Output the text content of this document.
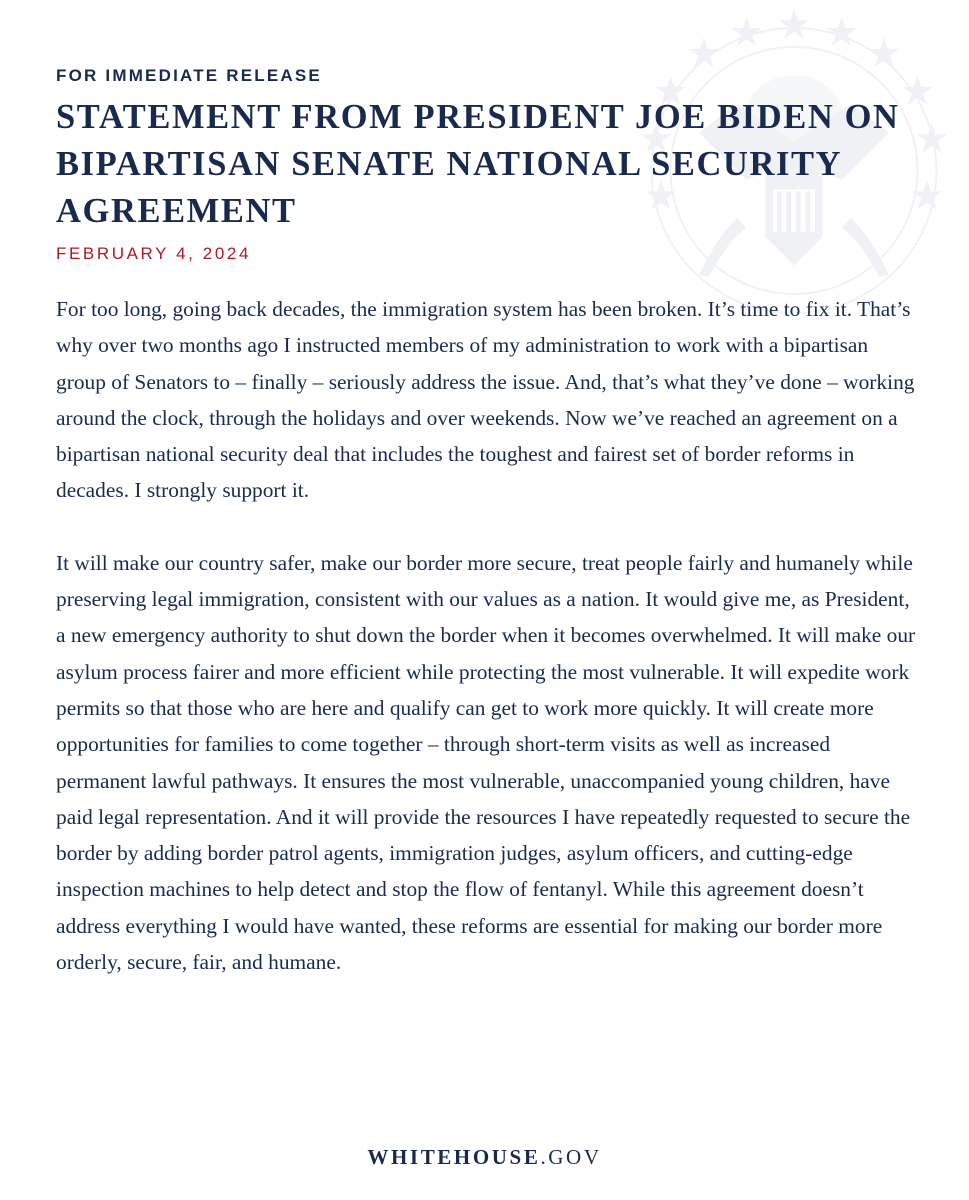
FOR IMMEDIATE RELEASE

STATEMENT FROM PRESIDENT JOE BIDEN ON BIPARTISAN SENATE NATIONAL SECURITY AGREEMENT

FEBRUARY 4, 2024

For too long, going back decades, the immigration system has been broken. It’s time to fix it. That’s why over two months ago I instructed members of my administration to work with a bipartisan group of Senators to – finally – seriously address the issue. And, that’s what they’ve done – working around the clock, through the holidays and over weekends. Now we’ve reached an agreement on a bipartisan national security deal that includes the toughest and fairest set of border reforms in decades. I strongly support it.

It will make our country safer, make our border more secure, treat people fairly and humanely while preserving legal immigration, consistent with our values as a nation. It would give me, as President, a new emergency authority to shut down the border when it becomes overwhelmed. It will make our asylum process fairer and more efficient while protecting the most vulnerable. It will expedite work permits so that those who are here and qualify can get to work more quickly. It will create more opportunities for families to come together – through short-term visits as well as increased permanent lawful pathways. It ensures the most vulnerable, unaccompanied young children, have paid legal representation. And it will provide the resources I have repeatedly requested to secure the border by adding border patrol agents, immigration judges, asylum officers, and cutting-edge inspection machines to help detect and stop the flow of fentanyl. While this agreement doesn’t address everything I would have wanted, these reforms are essential for making our border more orderly, secure, fair, and humane.

WHITEHOUSE.GOV
